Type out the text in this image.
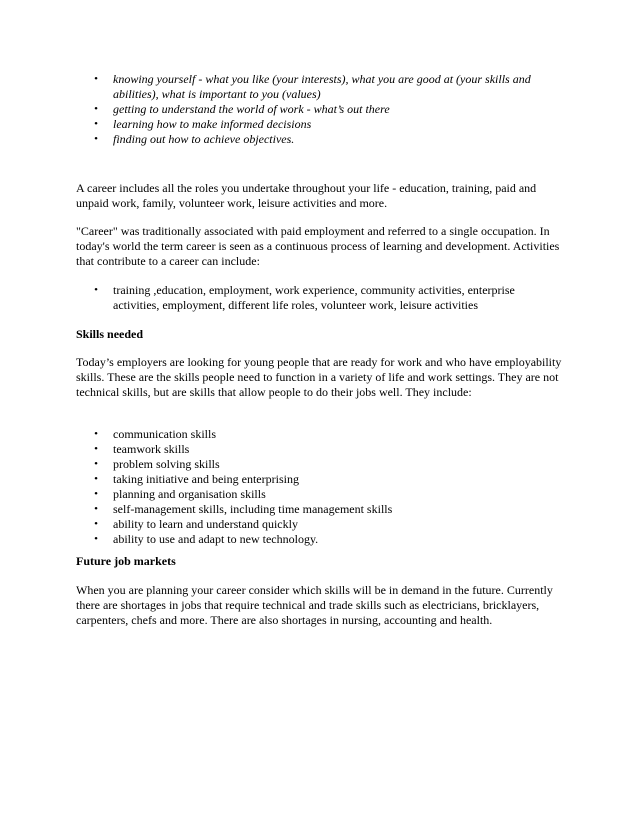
•	knowing yourself - what you like (your interests), what you are good at (your skills and abilities), what is important to you (values)
•	getting to understand the world of work - what’s out there
•	learning how to make informed decisions
•	finding out how to achieve objectives.

A career includes all the roles you undertake throughout your life - education, training, paid and unpaid work, family, volunteer work, leisure activities and more.

"Career" was traditionally associated with paid employment and referred to a single occupation. In today's world the term career is seen as a continuous process of learning and development. Activities that contribute to a career can include:

•	training ,education, employment, work experience, community activities, enterprise activities, employment, different life roles, volunteer work, leisure activities

Skills needed

Today’s employers are looking for young people that are ready for work and who have employability skills. These are the skills people need to function in a variety of life and work settings. They are not technical skills, but are skills that allow people to do their jobs well. They include:

•	communication skills
•	teamwork skills
•	problem solving skills
•	taking initiative and being enterprising
•	planning and organisation skills
•	self-management skills, including time management skills
•	ability to learn and understand quickly
•	ability to use and adapt to new technology.

Future job markets

When you are planning your career consider which skills will be in demand in the future. Currently there are shortages in jobs that require technical and trade skills such as electricians, bricklayers, carpenters, chefs and more. There are also shortages in nursing, accounting and health.
